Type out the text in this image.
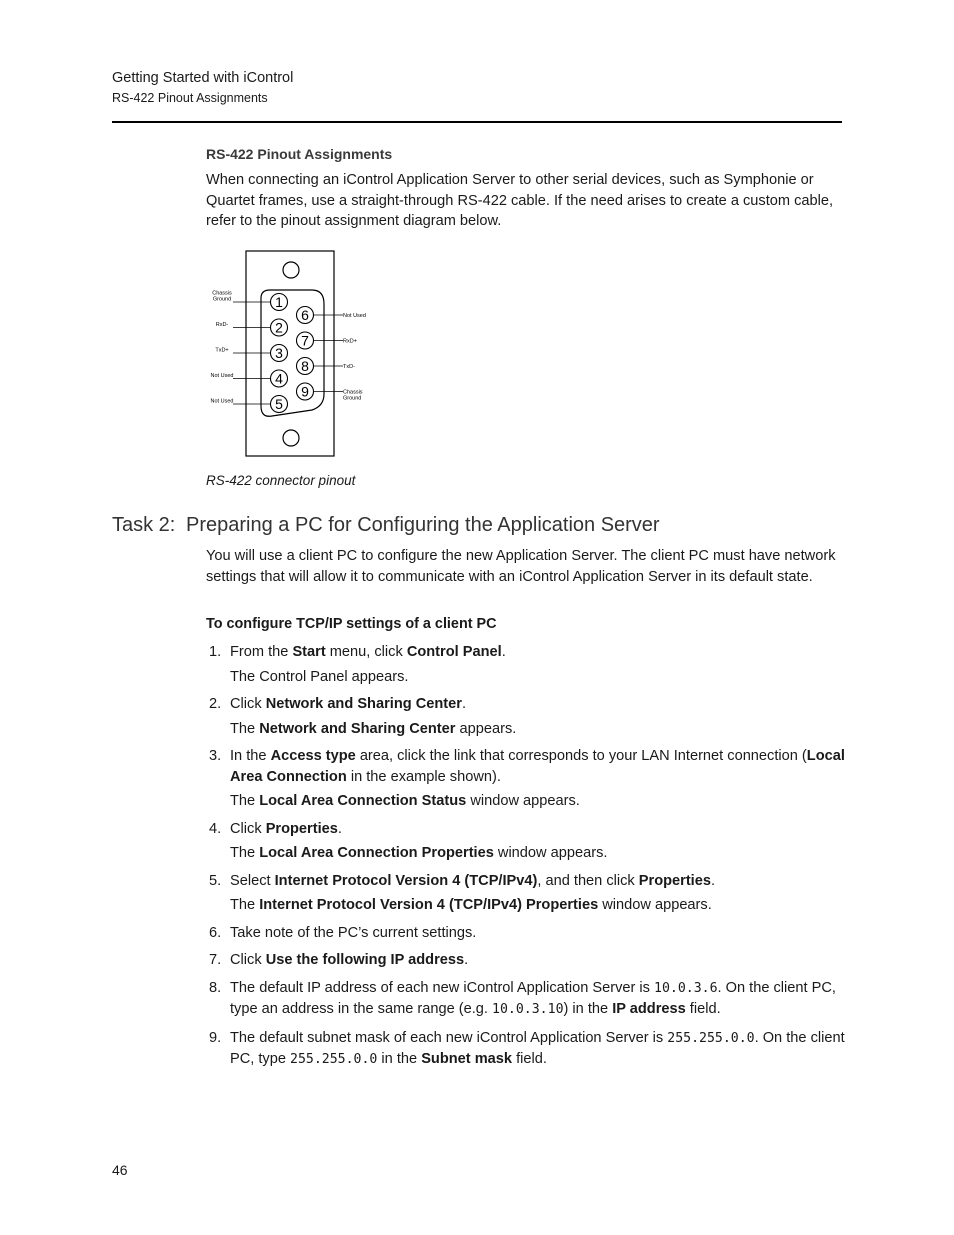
Getting Started with iControl
RS-422 Pinout Assignments
RS-422 Pinout Assignments
When connecting an iControl Application Server to other serial devices, such as Symphonie or Quartet frames, use a straight-through RS-422 cable. If the need arises to create a custom cable, refer to the pinout assignment diagram below.
1
Chassis
Ground
2
RxD-
3
TxD+
4
Not Used
5
Not Used
6	Not Used
7	RxD+
8	TxD-
9	Chassis
Ground
RS-422 connector pinout
Task 2: Preparing a PC for Configuring the Application Server
You will use a client PC to configure the new Application Server. The client PC must have network settings that will allow it to communicate with an iControl Application Server in its default state.
To configure TCP/IP settings of a client PC
1. From the Start menu, click Control Panel.
The Control Panel appears.
2. Click Network and Sharing Center.
The Network and Sharing Center appears.
3. In the Access type area, click the link that corresponds to your LAN Internet connection (Local Area Connection in the example shown).
The Local Area Connection Status window appears.
4. Click Properties.
The Local Area Connection Properties window appears.
5. Select Internet Protocol Version 4 (TCP/IPv4), and then click Properties.
The Internet Protocol Version 4 (TCP/IPv4) Properties window appears.
6. Take note of the PC’s current settings.
7. Click Use the following IP address.
8. The default IP address of each new iControl Application Server is 10.0.3.6. On the client PC, type an address in the same range (e.g. 10.0.3.10) in the IP address field.
9. The default subnet mask of each new iControl Application Server is 255.255.0.0. On the client PC, type 255.255.0.0 in the Subnet mask field.
46
